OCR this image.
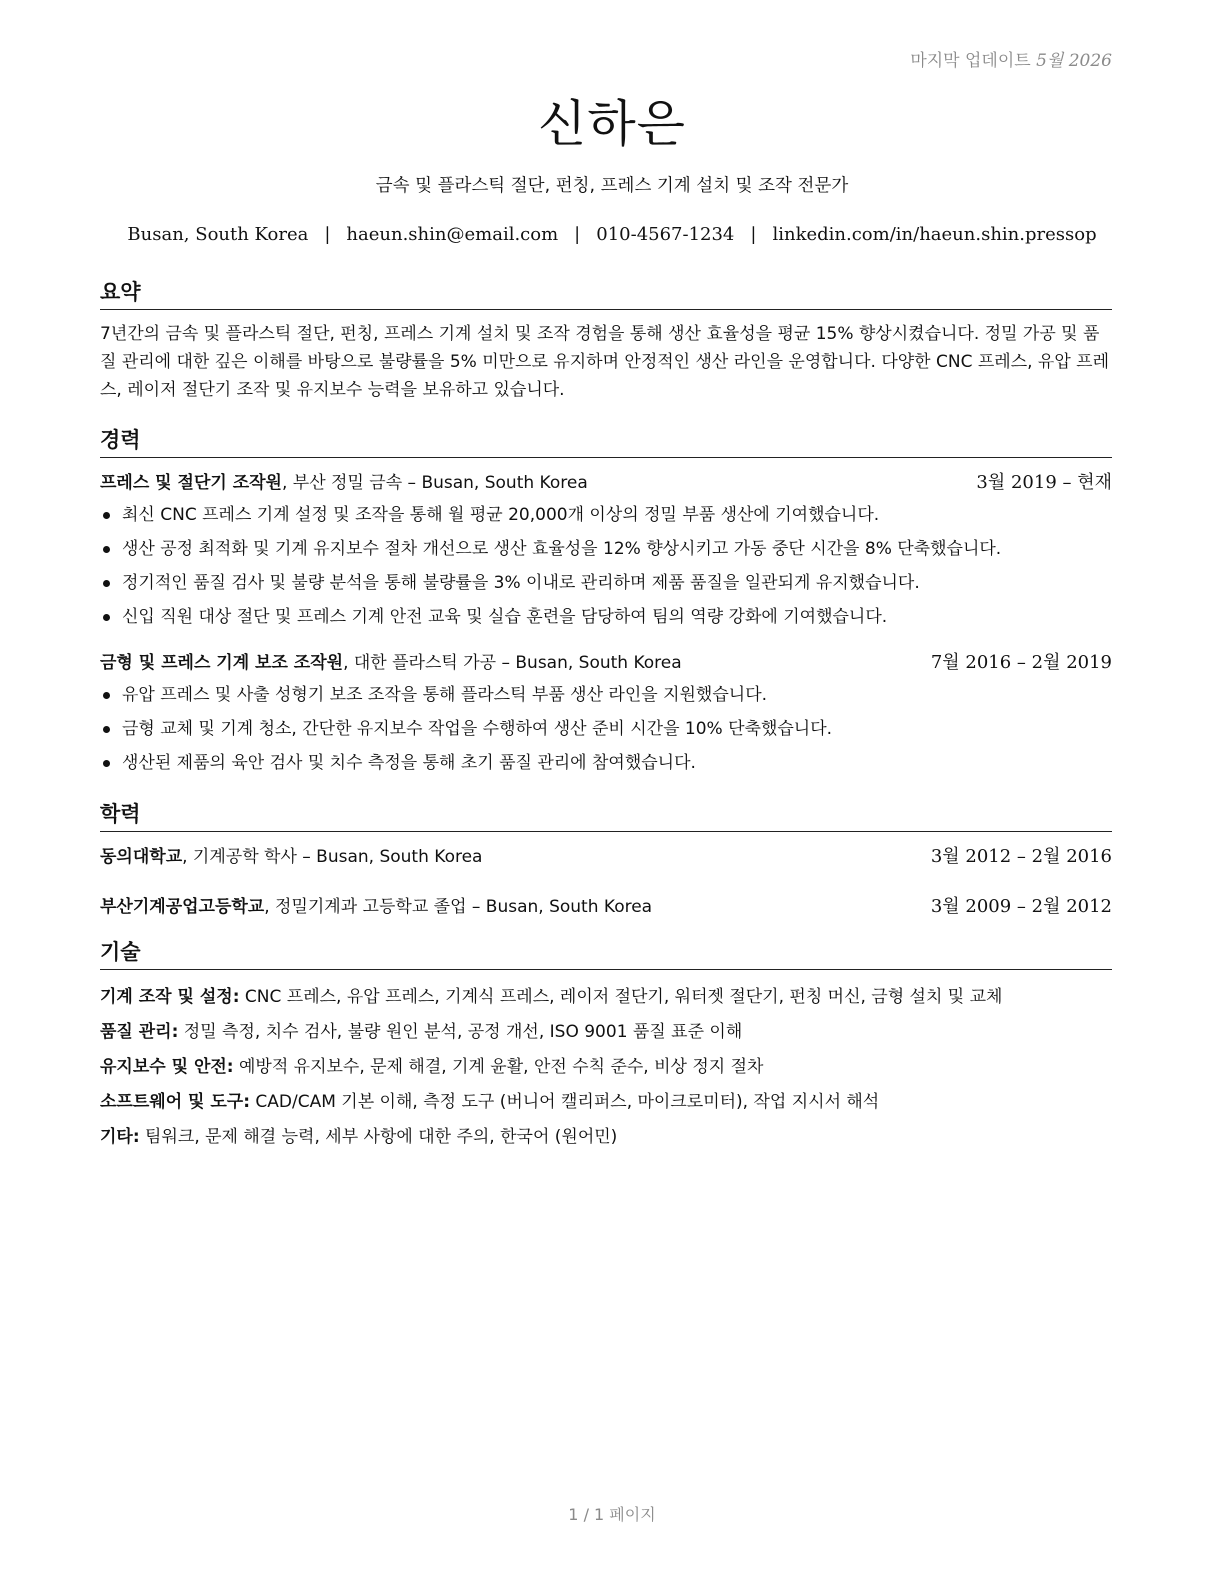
마지막 업데이트 5월 2026
신하은
금속 및 플라스틱 절단, 펀칭, 프레스 기계 설치 및 조작 전문가
Busan, South Korea | haeun.shin@email.com | 010-4567-1234 | linkedin.com/in/haeun.shin.pressop
요약

7년간의 금속 및 플라스틱 절단, 펀칭, 프레스 기계 설치 및 조작 경험을 통해 생산 효율성을 평균 15% 향상시켰습니다. 정밀 가공 및 품질 관리에 대한 깊은 이해를 바탕으로 불량률을 5% 미만으로 유지하며 안정적인 생산 라인을 운영합니다. 다양한 CNC 프레스, 유압 프레스, 레이저 절단기 조작 및 유지보수 능력을 보유하고 있습니다.

경력
프레스 및 절단기 조작원, 부산 정밀 금속 – Busan, South Korea	3월 2019 – 현재
최신 CNC 프레스 기계 설정 및 조작을 통해 월 평균 20,000개 이상의 정밀 부품 생산에 기여했습니다.
생산 공정 최적화 및 기계 유지보수 절차 개선으로 생산 효율성을 12% 향상시키고 가동 중단 시간을 8% 단축했습니다.
정기적인 품질 검사 및 불량 분석을 통해 불량률을 3% 이내로 관리하며 제품 품질을 일관되게 유지했습니다.
신입 직원 대상 절단 및 프레스 기계 안전 교육 및 실습 훈련을 담당하여 팀의 역량 강화에 기여했습니다.
금형 및 프레스 기계 보조 조작원, 대한 플라스틱 가공 – Busan, South Korea	7월 2016 – 2월 2019
유압 프레스 및 사출 성형기 보조 조작을 통해 플라스틱 부품 생산 라인을 지원했습니다.
금형 교체 및 기계 청소, 간단한 유지보수 작업을 수행하여 생산 준비 시간을 10% 단축했습니다.
생산된 제품의 육안 검사 및 치수 측정을 통해 초기 품질 관리에 참여했습니다.
학력
동의대학교, 기계공학 학사 – Busan, South Korea	3월 2012 – 2월 2016
부산기계공업고등학교, 정밀기계과 고등학교 졸업 – Busan, South Korea	3월 2009 – 2월 2012
기술
기계 조작 및 설정: CNC 프레스, 유압 프레스, 기계식 프레스, 레이저 절단기, 워터젯 절단기, 펀칭 머신, 금형 설치 및 교체
품질 관리: 정밀 측정, 치수 검사, 불량 원인 분석, 공정 개선, ISO 9001 품질 표준 이해
유지보수 및 안전: 예방적 유지보수, 문제 해결, 기계 윤활, 안전 수칙 준수, 비상 정지 절차
소프트웨어 및 도구: CAD/CAM 기본 이해, 측정 도구 (버니어 캘리퍼스, 마이크로미터), 작업 지시서 해석
기타: 팀워크, 문제 해결 능력, 세부 사항에 대한 주의, 한국어 (원어민)
1 / 1 페이지
